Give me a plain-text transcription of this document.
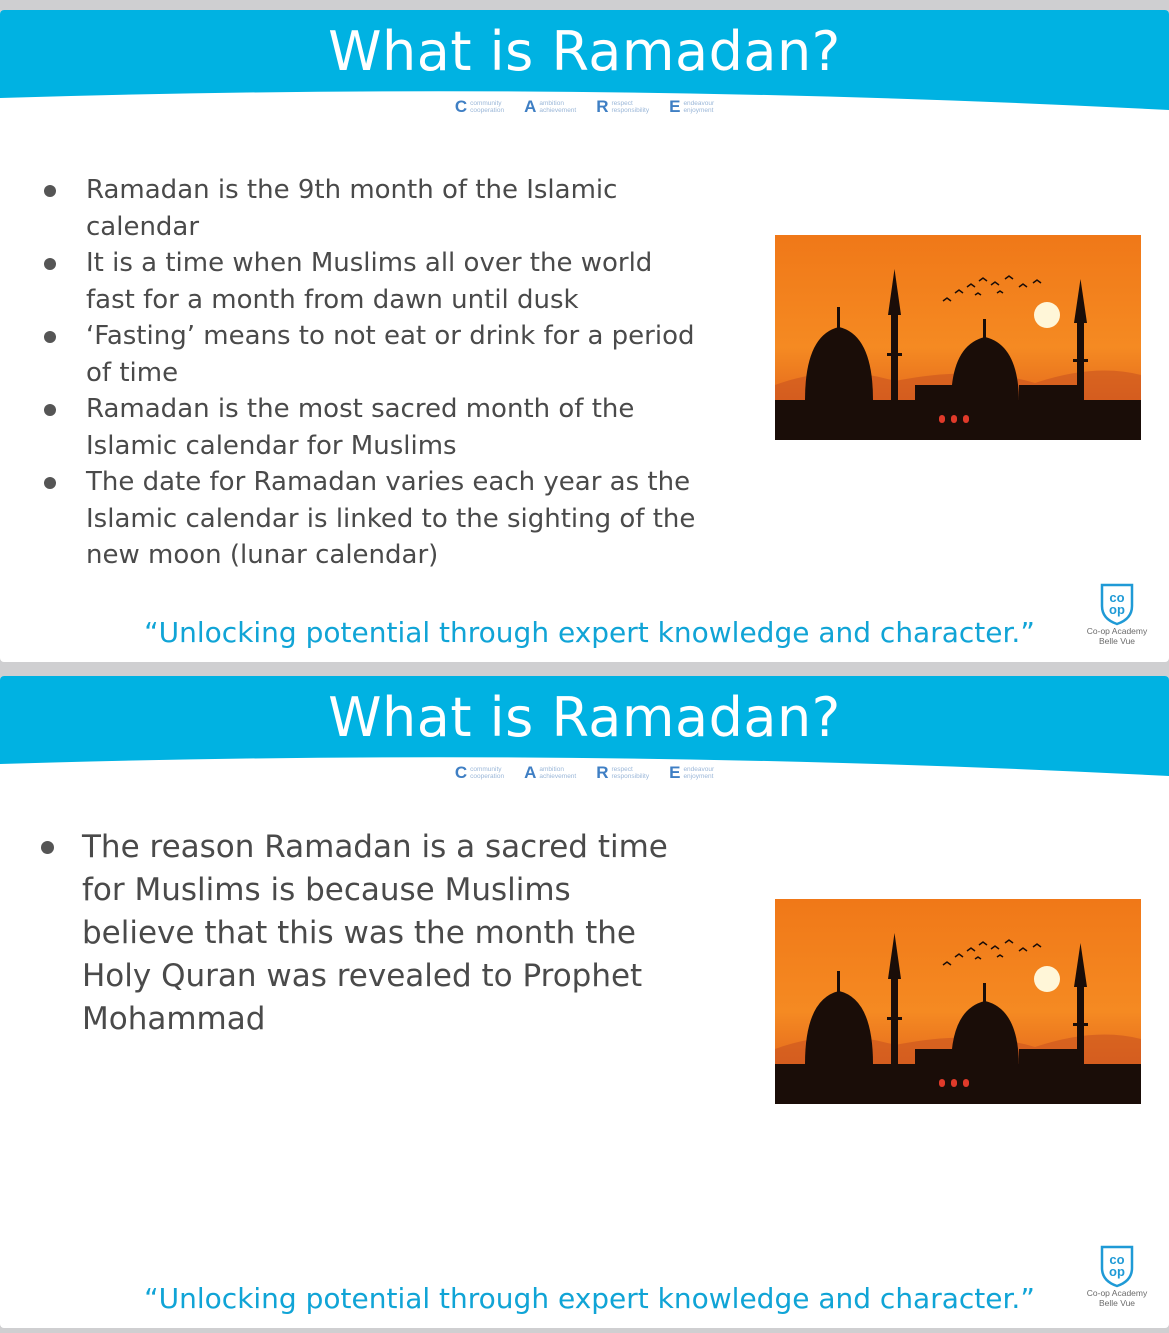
What is Ramadan?
C community
cooperation A ambition
achievement R respect
responsibility E endeavour
enjoyment
Ramadan is the 9th month of the Islamic calendar
It is a time when Muslims all over the world fast for a month from dawn until dusk
‘Fasting’ means to not eat or drink for a period of time
Ramadan is the most sacred month of the Islamic calendar for Muslims
The date for Ramadan varies each year as the Islamic calendar is linked to the sighting of the new moon (lunar calendar)
“Unlocking potential through expert knowledge and character.”
co
op
Co-op Academy
Belle Vue
What is Ramadan?
C community
cooperation A ambition
achievement R respect
responsibility E endeavour
enjoyment
The reason Ramadan is a sacred time for Muslims is because Muslims believe that this was the month the Holy Quran was revealed to Prophet Mohammad
“Unlocking potential through expert knowledge and character.”
co
op
Co-op Academy
Belle Vue
